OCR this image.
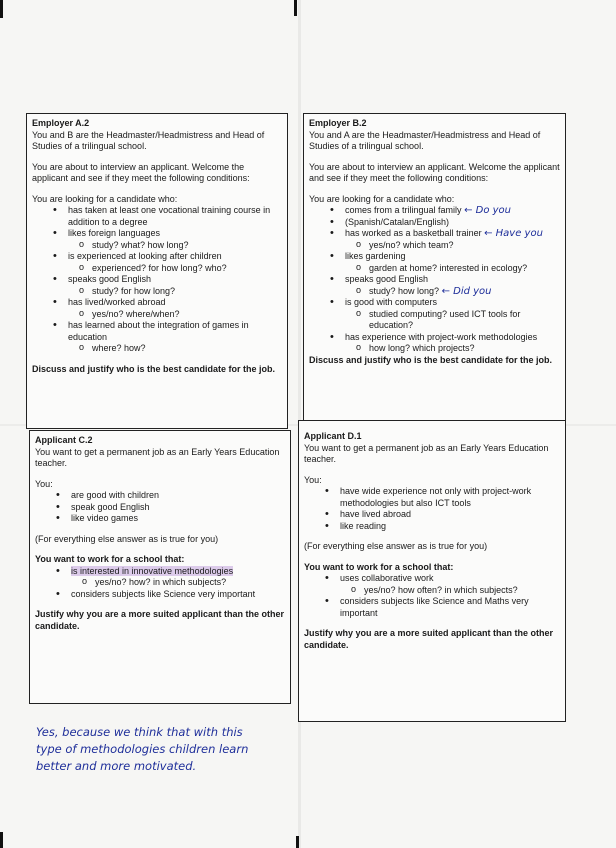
Employer A.2

You and B are the Headmaster/Headmistress and Head of Studies of a trilingual school.

You are about to interview an applicant. Welcome the applicant and see if they meet the following conditions:

You are looking for a candidate who:

• has taken at least one vocational training course in addition to a degree
• likes foreign languages
o study? what? how long?
• is experienced at looking after children
o experienced? for how long? who?
• speaks good English
o study? for how long?
• has lived/worked abroad
o yes/no? where/when?
• has learned about the integration of games in education
o where? how?

Discuss and justify who is the best candidate for the job.

Employer B.2

You and A are the Headmaster/Headmistress and Head of Studies of a trilingual school.

You are about to interview an applicant. Welcome the applicant and see if they meet the following conditions:

You are looking for a candidate who:

• comes from a trilingual family ← Do you
• (Spanish/Catalan/English)
• has worked as a basketball trainer ← Have you
o yes/no? which team?
• likes gardening
o garden at home? interested in ecology?
• speaks good English
o study? how long? ← Did you
• is good with computers
o studied computing? used ICT tools for education?
• has experience with project-work methodologies
o how long? which projects?

Discuss and justify who is the best candidate for the job.

Applicant C.2

You want to get a permanent job as an Early Years Education teacher.

You:

• are good with children
• speak good English
• like video games

(For everything else answer as is true for you)

You want to work for a school that:

• is interested in innovative methodologies
o yes/no? how? in which subjects?
• considers subjects like Science very important

Justify why you are a more suited applicant than the other candidate.

Applicant D.1

You want to get a permanent job as an Early Years Education teacher.

You:

• have wide experience not only with project-work methodologies but also ICT tools
• have lived abroad
• like reading

(For everything else answer as is true for you)

You want to work for a school that:

• uses collaborative work
o yes/no? how often? in which subjects?
• considers subjects like Science and Maths very important

Justify why you are a more suited applicant than the other candidate.

Yes, because we think that with this
type of methodologies children learn
better and more motivated.
